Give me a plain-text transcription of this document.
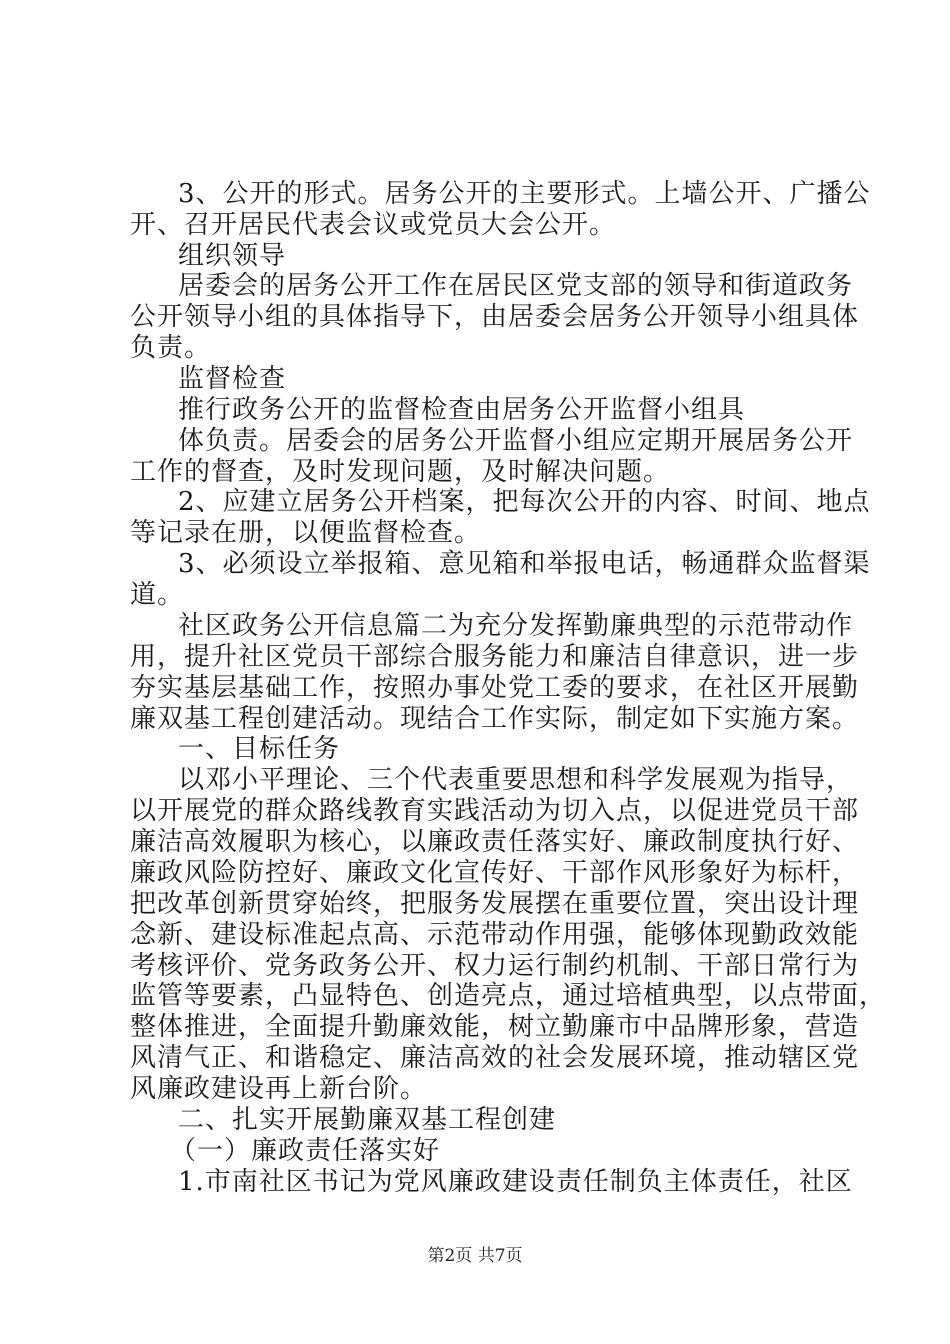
3、公开的形式。居务公开的主要形式。上墙公开、广播公
开、召开居民代表会议或党员大会公开。
组织领导
居委会的居务公开工作在居民区党支部的领导和街道政务
公开领导小组的具体指导下，由居委会居务公开领导小组具体
负责。
监督检查
推行政务公开的监督检查由居务公开监督小组具
体负责。居委会的居务公开监督小组应定期开展居务公开
工作的督查，及时发现问题，及时解决问题。
2、应建立居务公开档案，把每次公开的内容、时间、地点
等记录在册，以便监督检查。
3、必须设立举报箱、意见箱和举报电话，畅通群众监督渠
道。
社区政务公开信息篇二为充分发挥勤廉典型的示范带动作
用，提升社区党员干部综合服务能力和廉洁自律意识，进一步
夯实基层基础工作，按照办事处党工委的要求，在社区开展勤
廉双基工程创建活动。现结合工作实际，制定如下实施方案。
一、目标任务
以邓小平理论、三个代表重要思想和科学发展观为指导，
以开展党的群众路线教育实践活动为切入点，以促进党员干部
廉洁高效履职为核心，以廉政责任落实好、廉政制度执行好、
廉政风险防控好、廉政文化宣传好、干部作风形象好为标杆，
把改革创新贯穿始终，把服务发展摆在重要位置，突出设计理
念新、建设标准起点高、示范带动作用强，能够体现勤政效能
考核评价、党务政务公开、权力运行制约机制、干部日常行为
监管等要素，凸显特色、创造亮点，通过培植典型，以点带面，
整体推进，全面提升勤廉效能，树立勤廉市中品牌形象，营造
风清气正、和谐稳定、廉洁高效的社会发展环境，推动辖区党
风廉政建设再上新台阶。
二、扎实开展勤廉双基工程创建
（一）廉政责任落实好
1.市南社区书记为党风廉政建设责任制负主体责任，社区
第2页 共7页
